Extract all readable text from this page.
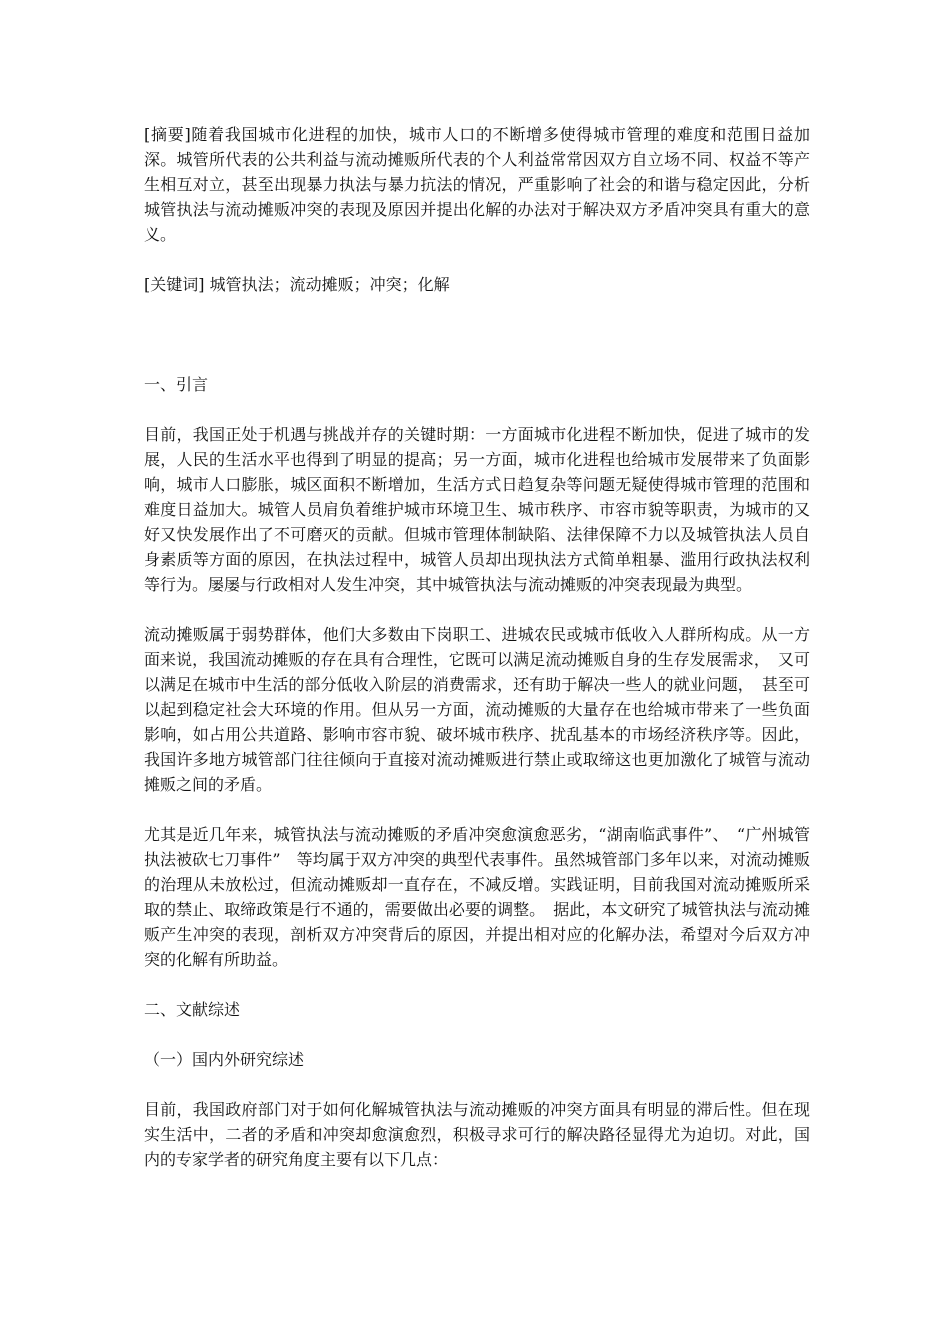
[摘要]随着我国城市化进程的加快，城市人口的不断增多使得城市管理的难度和范围日益加深。城管所代表的公共利益与流动摊贩所代表的个人利益常常因双方自立场不同、权益不等产生相互对立，甚至出现暴力执法与暴力抗法的情况，严重影响了社会的和谐与稳定因此，分析城管执法与流动摊贩冲突的表现及原因并提出化解的办法对于解决双方矛盾冲突具有重大的意义。

[关键词] 城管执法；流动摊贩；冲突；化解

一、引言

目前，我国正处于机遇与挑战并存的关键时期：一方面城市化进程不断加快，促进了城市的发展，人民的生活水平也得到了明显的提高；另一方面，城市化进程也给城市发展带来了负面影响，城市人口膨胀，城区面积不断增加，生活方式日趋复杂等问题无疑使得城市管理的范围和难度日益加大。城管人员肩负着维护城市环境卫生、城市秩序、市容市貌等职责，为城市的又好又快发展作出了不可磨灭的贡献。但城市管理体制缺陷、法律保障不力以及城管执法人员自身素质等方面的原因，在执法过程中，城管人员却出现执法方式简单粗暴、滥用行政执法权利等行为。屡屡与行政相对人发生冲突，其中城管执法与流动摊贩的冲突表现最为典型。

流动摊贩属于弱势群体，他们大多数由下岗职工、进城农民或城市低收入人群所构成。从一方面来说，我国流动摊贩的存在具有合理性，它既可以满足流动摊贩自身的生存发展需求，　又可以满足在城市中生活的部分低收入阶层的消费需求，还有助于解决一些人的就业问题，　甚至可以起到稳定社会大环境的作用。但从另一方面，流动摊贩的大量存在也给城市带来了一些负面影响，如占用公共道路、影响市容市貌、破坏城市秩序、扰乱基本的市场经济秩序等。因此，我国许多地方城管部门往往倾向于直接对流动摊贩进行禁止或取缔这也更加激化了城管与流动摊贩之间的矛盾。

尤其是近几年来，城管执法与流动摊贩的矛盾冲突愈演愈恶劣，“湖南临武事件”、　“广州城管执法被砍七刀事件”　等均属于双方冲突的典型代表事件。虽然城管部门多年以来，对流动摊贩的治理从未放松过，但流动摊贩却一直存在，不减反增。实践证明，目前我国对流动摊贩所采取的禁止、取缔政策是行不通的，需要做出必要的调整。　据此，本文研究了城管执法与流动摊贩产生冲突的表现，剖析双方冲突背后的原因，并提出相对应的化解办法，希望对今后双方冲突的化解有所助益。

二、文献综述

（一）国内外研究综述

目前，我国政府部门对于如何化解城管执法与流动摊贩的冲突方面具有明显的滞后性。但在现实生活中，二者的矛盾和冲突却愈演愈烈，积极寻求可行的解决路径显得尤为迫切。对此，国内的专家学者的研究角度主要有以下几点：
